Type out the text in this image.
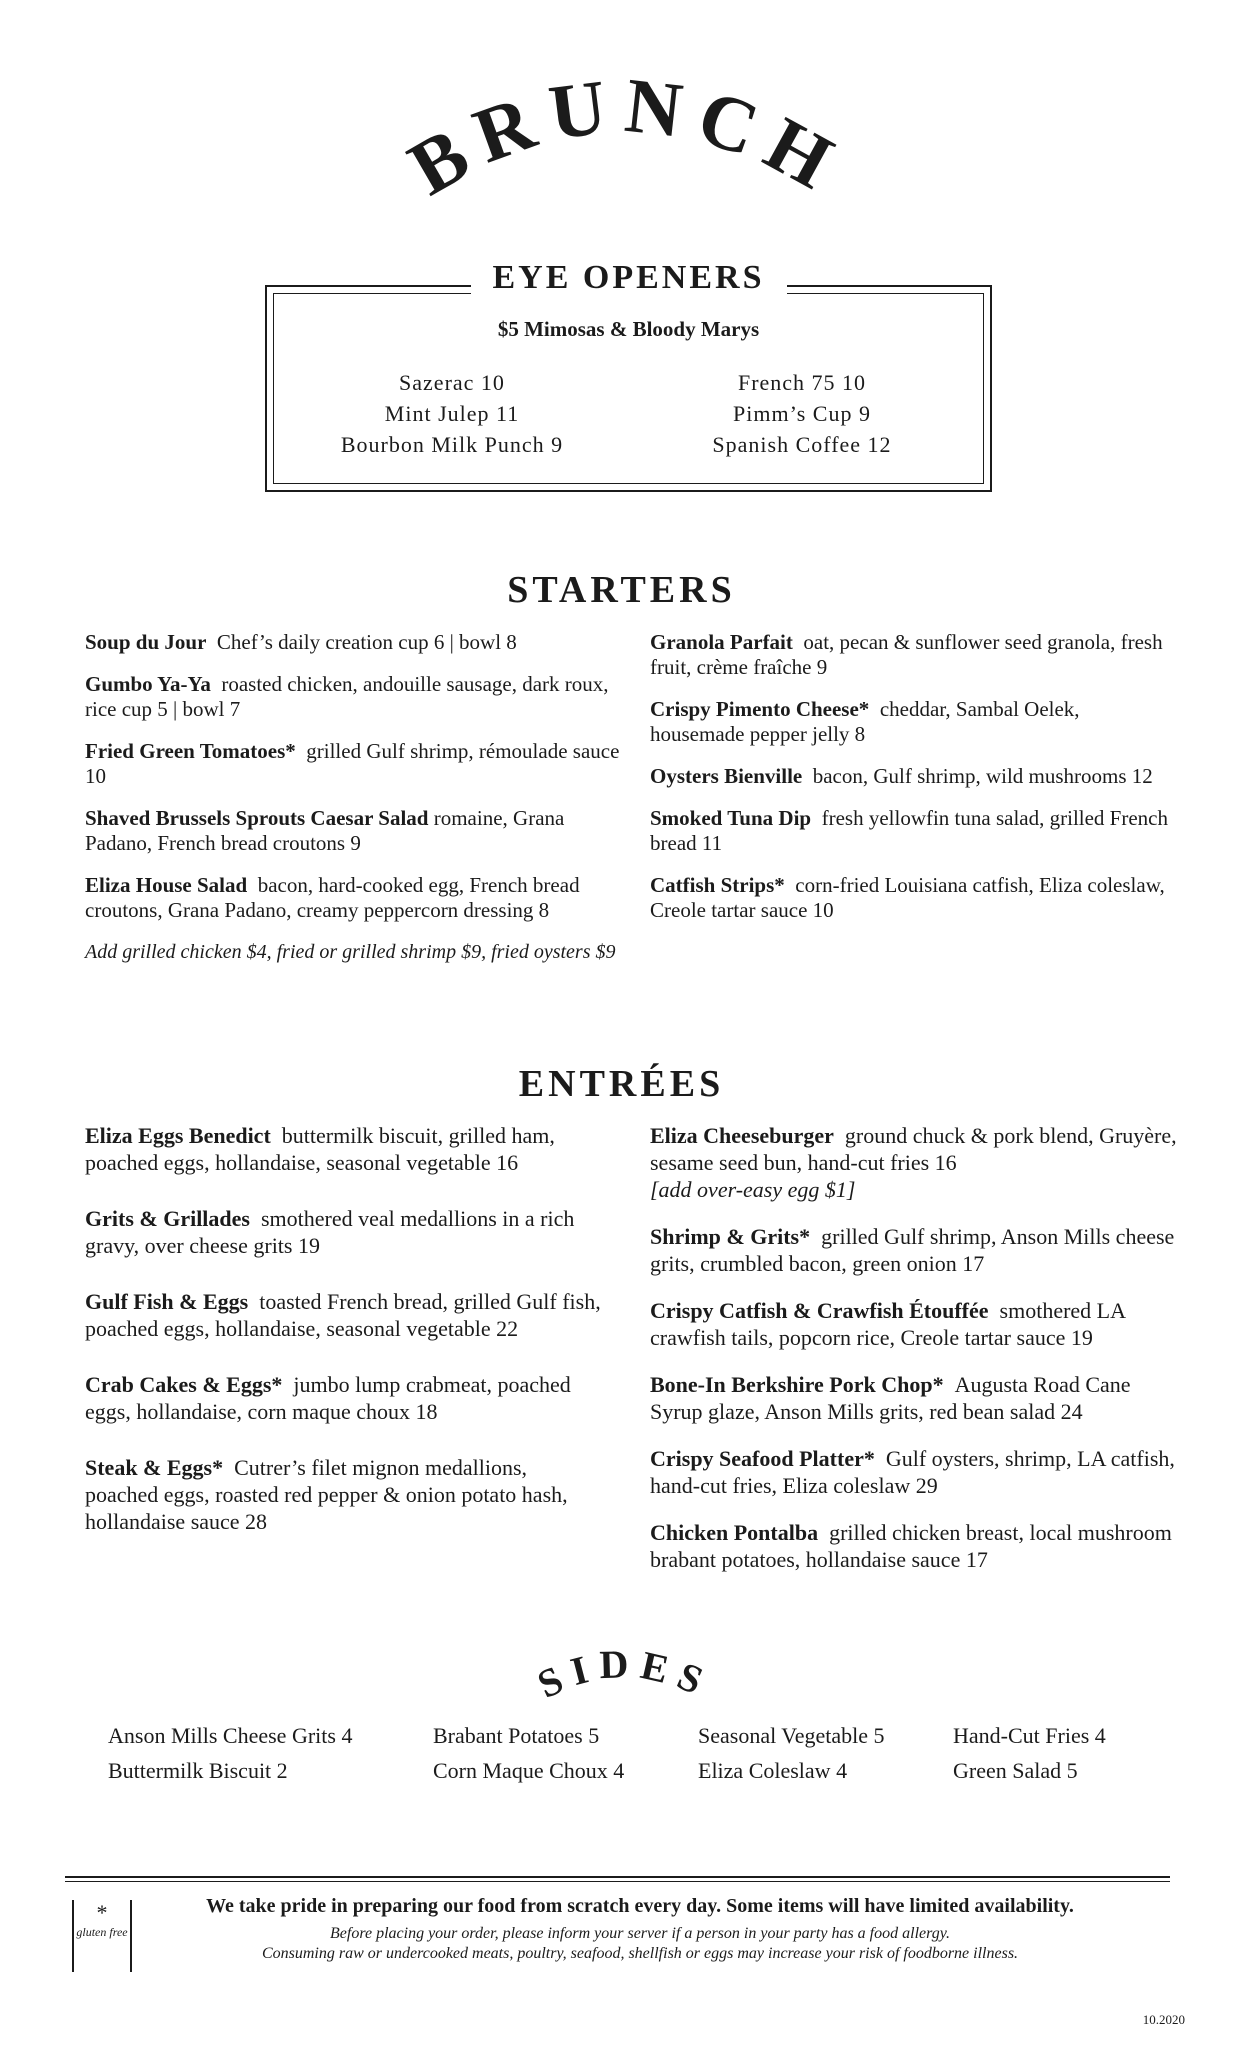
BRUNCH
EYE OPENERS
$5 Mimosas & Bloody Marys
Sazerac 10
Mint Julep 11
Bourbon Milk Punch 9
French 75 10
Pimm’s Cup 9
Spanish Coffee 12
STARTERS
Soup du Jour Chef’s daily creation cup 6 | bowl 8
Gumbo Ya-Ya roasted chicken, andouille sausage, dark roux, rice cup 5 | bowl 7
Fried Green Tomatoes* grilled Gulf shrimp, rémoulade sauce 10
Shaved Brussels Sprouts Caesar Salad romaine, Grana Padano, French bread croutons 9
Eliza House Salad bacon, hard-cooked egg, French bread croutons, Grana Padano, creamy peppercorn dressing 8
Add grilled chicken $4, fried or grilled shrimp $9, fried oysters $9
Granola Parfait oat, pecan & sunflower seed granola, fresh fruit, crème fraîche 9
Crispy Pimento Cheese* cheddar, Sambal Oelek, housemade pepper jelly 8
Oysters Bienville bacon, Gulf shrimp, wild mushrooms 12
Smoked Tuna Dip fresh yellowfin tuna salad, grilled French bread 11
Catfish Strips* corn-fried Louisiana catfish, Eliza coleslaw, Creole tartar sauce 10
ENTRÉES
Eliza Eggs Benedict buttermilk biscuit, grilled ham, poached eggs, hollandaise, seasonal vegetable 16
Grits & Grillades smothered veal medallions in a rich gravy, over cheese grits 19
Gulf Fish & Eggs toasted French bread, grilled Gulf fish, poached eggs, hollandaise, seasonal vegetable 22
Crab Cakes & Eggs* jumbo lump crabmeat, poached eggs, hollandaise, corn maque choux 18
Steak & Eggs* Cutrer’s filet mignon medallions, poached eggs, roasted red pepper & onion potato hash, hollandaise sauce 28
Eliza Cheeseburger ground chuck & pork blend, Gruyère, sesame seed bun, hand-cut fries 16
[add over-easy egg $1]
Shrimp & Grits* grilled Gulf shrimp, Anson Mills cheese grits, crumbled bacon, green onion 17
Crispy Catfish & Crawfish Étouffée smothered LA crawfish tails, popcorn rice, Creole tartar sauce 19
Bone-In Berkshire Pork Chop* Augusta Road Cane Syrup glaze, Anson Mills grits, red bean salad 24
Crispy Seafood Platter* Gulf oysters, shrimp, LA catfish, hand-cut fries, Eliza coleslaw 29
Chicken Pontalba grilled chicken breast, local mushroom brabant potatoes, hollandaise sauce 17
SIDES
Anson Mills Cheese Grits 4
Buttermilk Biscuit 2
Brabant Potatoes 5
Corn Maque Choux 4
Seasonal Vegetable 5
Eliza Coleslaw 4
Hand-Cut Fries 4
Green Salad 5
*
gluten free
We take pride in preparing our food from scratch every day. Some items will have limited availability.
Before placing your order, please inform your server if a person in your party has a food allergy.
Consuming raw or undercooked meats, poultry, seafood, shellfish or eggs may increase your risk of foodborne illness.
10.2020
